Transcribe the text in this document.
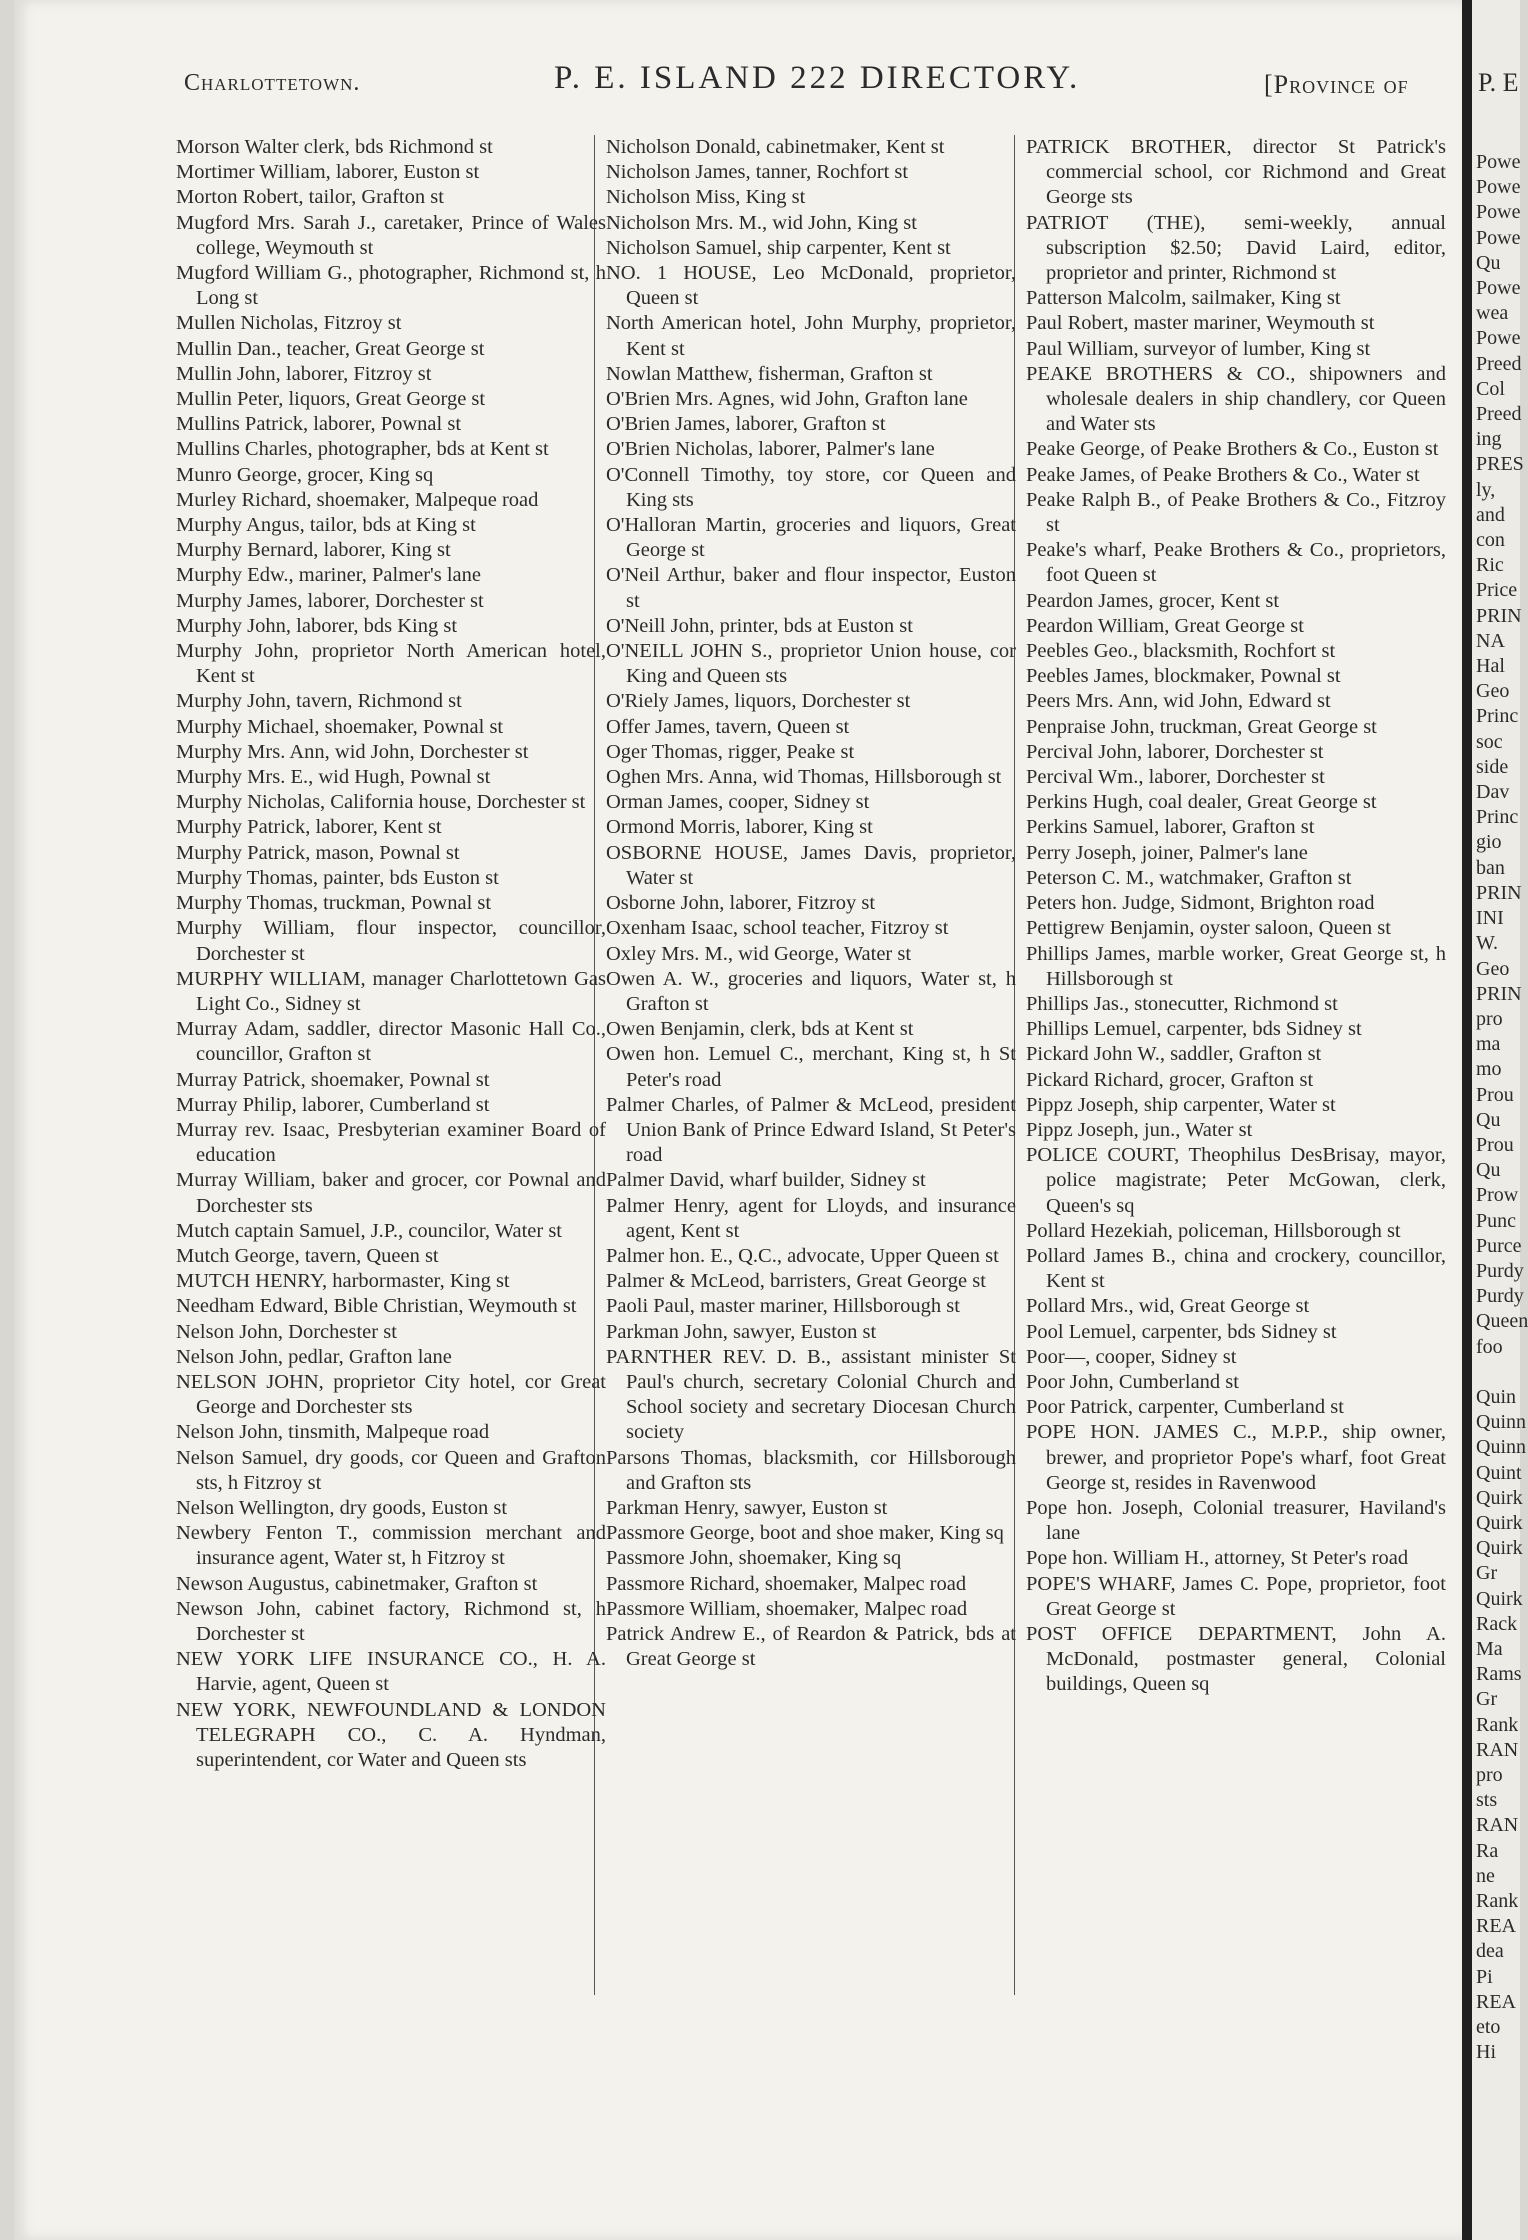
Charlottetown.	P. E. ISLAND 222 DIRECTORY.	[Province of

Morson Walter clerk, bds Richmond st

Mortimer William, laborer, Euston st

Morton Robert, tailor, Grafton st

Mugford Mrs. Sarah J., caretaker, Prince of Wales college, Weymouth st

Mugford William G., photographer, Richmond st, h Long st

Mullen Nicholas, Fitzroy st

Mullin Dan., teacher, Great George st

Mullin John, laborer, Fitzroy st

Mullin Peter, liquors, Great George st

Mullins Patrick, laborer, Pownal st

Mullins Charles, photographer, bds at Kent st

Munro George, grocer, King sq

Murley Richard, shoemaker, Malpeque road

Murphy Angus, tailor, bds at King st

Murphy Bernard, laborer, King st

Murphy Edw., mariner, Palmer's lane

Murphy James, laborer, Dorchester st

Murphy John, laborer, bds King st

Murphy John, proprietor North American hotel, Kent st

Murphy John, tavern, Richmond st

Murphy Michael, shoemaker, Pownal st

Murphy Mrs. Ann, wid John, Dorchester st

Murphy Mrs. E., wid Hugh, Pownal st

Murphy Nicholas, California house, Dorchester st

Murphy Patrick, laborer, Kent st

Murphy Patrick, mason, Pownal st

Murphy Thomas, painter, bds Euston st

Murphy Thomas, truckman, Pownal st

Murphy William, flour inspector, councillor, Dorchester st

MURPHY WILLIAM, manager Charlottetown Gas Light Co., Sidney st

Murray Adam, saddler, director Masonic Hall Co., councillor, Grafton st

Murray Patrick, shoemaker, Pownal st

Murray Philip, laborer, Cumberland st

Murray rev. Isaac, Presbyterian examiner Board of education

Murray William, baker and grocer, cor Pownal and Dorchester sts

Mutch captain Samuel, J.P., councilor, Water st

Mutch George, tavern, Queen st

MUTCH HENRY, harbormaster, King st

Needham Edward, Bible Christian, Weymouth st

Nelson John, Dorchester st

Nelson John, pedlar, Grafton lane

NELSON JOHN, proprietor City hotel, cor Great George and Dorchester sts

Nelson John, tinsmith, Malpeque road

Nelson Samuel, dry goods, cor Queen and Grafton sts, h Fitzroy st

Nelson Wellington, dry goods, Euston st

Newbery Fenton T., commission merchant and insurance agent, Water st, h Fitzroy st

Newson Augustus, cabinetmaker, Grafton st

Newson John, cabinet factory, Richmond st, h Dorchester st

NEW YORK LIFE INSURANCE CO., H. A. Harvie, agent, Queen st

NEW YORK, NEWFOUNDLAND & LONDON TELEGRAPH CO., C. A. Hyndman, superintendent, cor Water and Queen sts

Nicholson Donald, cabinetmaker, Kent st

Nicholson James, tanner, Rochfort st

Nicholson Miss, King st

Nicholson Mrs. M., wid John, King st

Nicholson Samuel, ship carpenter, Kent st

NO. 1 HOUSE, Leo McDonald, proprietor, Queen st

North American hotel, John Murphy, proprietor, Kent st

Nowlan Matthew, fisherman, Grafton st

O'Brien Mrs. Agnes, wid John, Grafton lane

O'Brien James, laborer, Grafton st

O'Brien Nicholas, laborer, Palmer's lane

O'Connell Timothy, toy store, cor Queen and King sts

O'Halloran Martin, groceries and liquors, Great George st

O'Neil Arthur, baker and flour inspector, Euston st

O'Neill John, printer, bds at Euston st

O'NEILL JOHN S., proprietor Union house, cor King and Queen sts

O'Riely James, liquors, Dorchester st

Offer James, tavern, Queen st

Oger Thomas, rigger, Peake st

Oghen Mrs. Anna, wid Thomas, Hillsborough st

Orman James, cooper, Sidney st

Ormond Morris, laborer, King st

OSBORNE HOUSE, James Davis, proprietor, Water st

Osborne John, laborer, Fitzroy st

Oxenham Isaac, school teacher, Fitzroy st

Oxley Mrs. M., wid George, Water st

Owen A. W., groceries and liquors, Water st, h Grafton st

Owen Benjamin, clerk, bds at Kent st

Owen hon. Lemuel C., merchant, King st, h St Peter's road

Palmer Charles, of Palmer & McLeod, president Union Bank of Prince Edward Island, St Peter's road

Palmer David, wharf builder, Sidney st

Palmer Henry, agent for Lloyds, and insurance agent, Kent st

Palmer hon. E., Q.C., advocate, Upper Queen st

Palmer & McLeod, barristers, Great George st

Paoli Paul, master mariner, Hillsborough st

Parkman John, sawyer, Euston st

PARNTHER REV. D. B., assistant minister St Paul's church, secretary Colonial Church and School society and secretary Diocesan Church society

Parsons Thomas, blacksmith, cor Hillsborough and Grafton sts

Parkman Henry, sawyer, Euston st

Passmore George, boot and shoe maker, King sq

Passmore John, shoemaker, King sq

Passmore Richard, shoemaker, Malpec road

Passmore William, shoemaker, Malpec road

Patrick Andrew E., of Reardon & Patrick, bds at Great George st

PATRICK BROTHER, director St Patrick's commercial school, cor Richmond and Great George sts

PATRIOT (THE), semi-weekly, annual subscription $2.50; David Laird, editor, proprietor and printer, Richmond st

Patterson Malcolm, sailmaker, King st

Paul Robert, master mariner, Weymouth st

Paul William, surveyor of lumber, King st

PEAKE BROTHERS & CO., shipowners and wholesale dealers in ship chandlery, cor Queen and Water sts

Peake George, of Peake Brothers & Co., Euston st

Peake James, of Peake Brothers & Co., Water st

Peake Ralph B., of Peake Brothers & Co., Fitzroy st

Peake's wharf, Peake Brothers & Co., proprietors, foot Queen st

Peardon James, grocer, Kent st

Peardon William, Great George st

Peebles Geo., blacksmith, Rochfort st

Peebles James, blockmaker, Pownal st

Peers Mrs. Ann, wid John, Edward st

Penpraise John, truckman, Great George st

Percival John, laborer, Dorchester st

Percival Wm., laborer, Dorchester st

Perkins Hugh, coal dealer, Great George st

Perkins Samuel, laborer, Grafton st

Perry Joseph, joiner, Palmer's lane

Peterson C. M., watchmaker, Grafton st

Peters hon. Judge, Sidmont, Brighton road

Pettigrew Benjamin, oyster saloon, Queen st

Phillips James, marble worker, Great George st, h Hillsborough st

Phillips Jas., stonecutter, Richmond st

Phillips Lemuel, carpenter, bds Sidney st

Pickard John W., saddler, Grafton st

Pickard Richard, grocer, Grafton st

Pippz Joseph, ship carpenter, Water st

Pippz Joseph, jun., Water st

POLICE COURT, Theophilus DesBrisay, mayor, police magistrate; Peter McGowan, clerk, Queen's sq

Pollard Hezekiah, policeman, Hillsborough st

Pollard James B., china and crockery, councillor, Kent st

Pollard Mrs., wid, Great George st

Pool Lemuel, carpenter, bds Sidney st

Poor—, cooper, Sidney st

Poor John, Cumberland st

Poor Patrick, carpenter, Cumberland st

POPE HON. JAMES C., M.P.P., ship owner, brewer, and proprietor Pope's wharf, foot Great George st, resides in Ravenwood

Pope hon. Joseph, Colonial treasurer, Haviland's lane

Pope hon. William H., attorney, St Peter's road

POPE'S WHARF, James C. Pope, proprietor, foot Great George st

POST OFFICE DEPARTMENT, John A. McDonald, postmaster general, Colonial buildings, Queen sq

P. E
Powe
Powe
Powe
Powe
Qu
Powe
wea
Powe
Preed
Col
Preed
ing
PRES
ly,
and
con
Ric
Price
PRIN
NA
Hal
Geo
Princ
soc
side
Dav
Princ
gio
ban
PRIN
INI
W.
Geo
PRIN
pro
ma
mo
Prou
Qu
Prou
Qu
Prow
Punc
Purce
Purdy
Purdy
Queen
foo

Quin
Quinn
Quinn
Quint
Quirk
Quirk
Quirk
Gr
Quirk
Rack
Ma
Rams
Gr
Rank
RAN
pro
sts
RAN
Ra
ne
Rank
REA
dea
Pi
REA
eto
Hi
